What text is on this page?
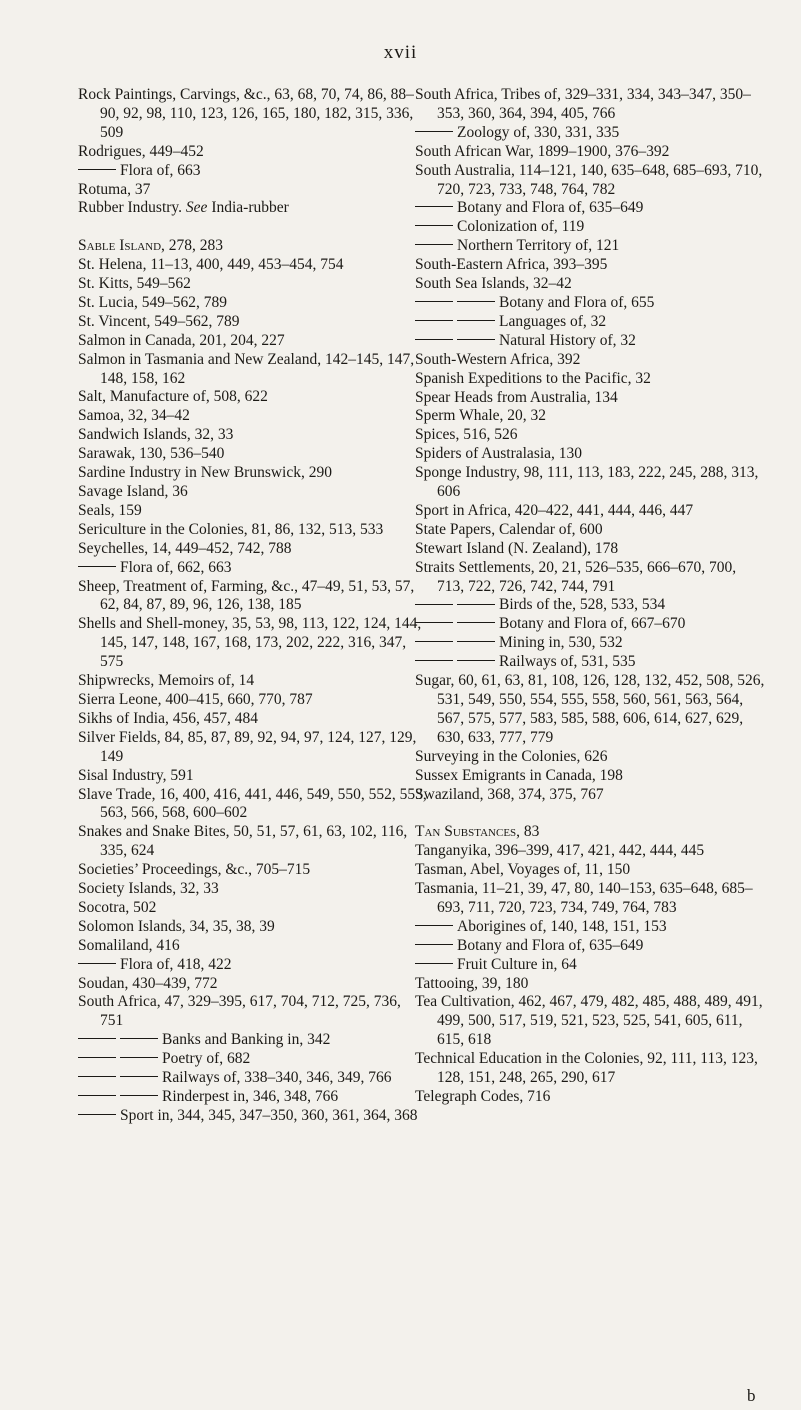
xvii
Rock Paintings, Carvings, &c., 63, 68, 70, 74, 86, 88–90, 92, 98, 110, 123, 126, 165, 180, 182, 315, 336, 509
Rodrigues, 449–452
Flora of, 663
Rotuma, 37
Rubber Industry. See India-rubber
Sable Island, 278, 283
St. Helena, 11–13, 400, 449, 453–454, 754
St. Kitts, 549–562
St. Lucia, 549–562, 789
St. Vincent, 549–562, 789
Salmon in Canada, 201, 204, 227
Salmon in Tasmania and New Zealand, 142–145, 147, 148, 158, 162
Salt, Manufacture of, 508, 622
Samoa, 32, 34–42
Sandwich Islands, 32, 33
Sarawak, 130, 536–540
Sardine Industry in New Brunswick, 290
Savage Island, 36
Seals, 159
Sericulture in the Colonies, 81, 86, 132, 513, 533
Seychelles, 14, 449–452, 742, 788
Flora of, 662, 663
Sheep, Treatment of, Farming, &c., 47–49, 51, 53, 57, 62, 84, 87, 89, 96, 126, 138, 185
Shells and Shell-money, 35, 53, 98, 113, 122, 124, 144, 145, 147, 148, 167, 168, 173, 202, 222, 316, 347, 575
Shipwrecks, Memoirs of, 14
Sierra Leone, 400–415, 660, 770, 787
Sikhs of India, 456, 457, 484
Silver Fields, 84, 85, 87, 89, 92, 94, 97, 124, 127, 129, 149
Sisal Industry, 591
Slave Trade, 16, 400, 416, 441, 446, 549, 550, 552, 553, 563, 566, 568, 600–602
Snakes and Snake Bites, 50, 51, 57, 61, 63, 102, 116, 335, 624
Societies’ Proceedings, &c., 705–715
Society Islands, 32, 33
Socotra, 502
Solomon Islands, 34, 35, 38, 39
Somaliland, 416
Flora of, 418, 422
Soudan, 430–439, 772
South Africa, 47, 329–395, 617, 704, 712, 725, 736, 751
Banks and Banking in, 342
Poetry of, 682
Railways of, 338–340, 346, 349, 766
Rinderpest in, 346, 348, 766
Sport in, 344, 345, 347–350, 360, 361, 364, 368
South Africa, Tribes of, 329–331, 334, 343–347, 350–353, 360, 364, 394, 405, 766
Zoology of, 330, 331, 335
South African War, 1899–1900, 376–392
South Australia, 114–121, 140, 635–648, 685–693, 710, 720, 723, 733, 748, 764, 782
Botany and Flora of, 635–649
Colonization of, 119
Northern Territory of, 121
South-Eastern Africa, 393–395
South Sea Islands, 32–42
Botany and Flora of, 655
Languages of, 32
Natural History of, 32
South-Western Africa, 392
Spanish Expeditions to the Pacific, 32
Spear Heads from Australia, 134
Sperm Whale, 20, 32
Spices, 516, 526
Spiders of Australasia, 130
Sponge Industry, 98, 111, 113, 183, 222, 245, 288, 313, 606
Sport in Africa, 420–422, 441, 444, 446, 447
State Papers, Calendar of, 600
Stewart Island (N. Zealand), 178
Straits Settlements, 20, 21, 526–535, 666–670, 700, 713, 722, 726, 742, 744, 791
Birds of the, 528, 533, 534
Botany and Flora of, 667–670
Mining in, 530, 532
Railways of, 531, 535
Sugar, 60, 61, 63, 81, 108, 126, 128, 132, 452, 508, 526, 531, 549, 550, 554, 555, 558, 560, 561, 563, 564, 567, 575, 577, 583, 585, 588, 606, 614, 627, 629, 630, 633, 777, 779
Surveying in the Colonies, 626
Sussex Emigrants in Canada, 198
Swaziland, 368, 374, 375, 767
Tan Substances, 83
Tanganyika, 396–399, 417, 421, 442, 444, 445
Tasman, Abel, Voyages of, 11, 150
Tasmania, 11–21, 39, 47, 80, 140–153, 635–648, 685–693, 711, 720, 723, 734, 749, 764, 783
Aborigines of, 140, 148, 151, 153
Botany and Flora of, 635–649
Fruit Culture in, 64
Tattooing, 39, 180
Tea Cultivation, 462, 467, 479, 482, 485, 488, 489, 491, 499, 500, 517, 519, 521, 523, 525, 541, 605, 611, 615, 618
Technical Education in the Colonies, 92, 111, 113, 123, 128, 151, 248, 265, 290, 617
Telegraph Codes, 716
b
